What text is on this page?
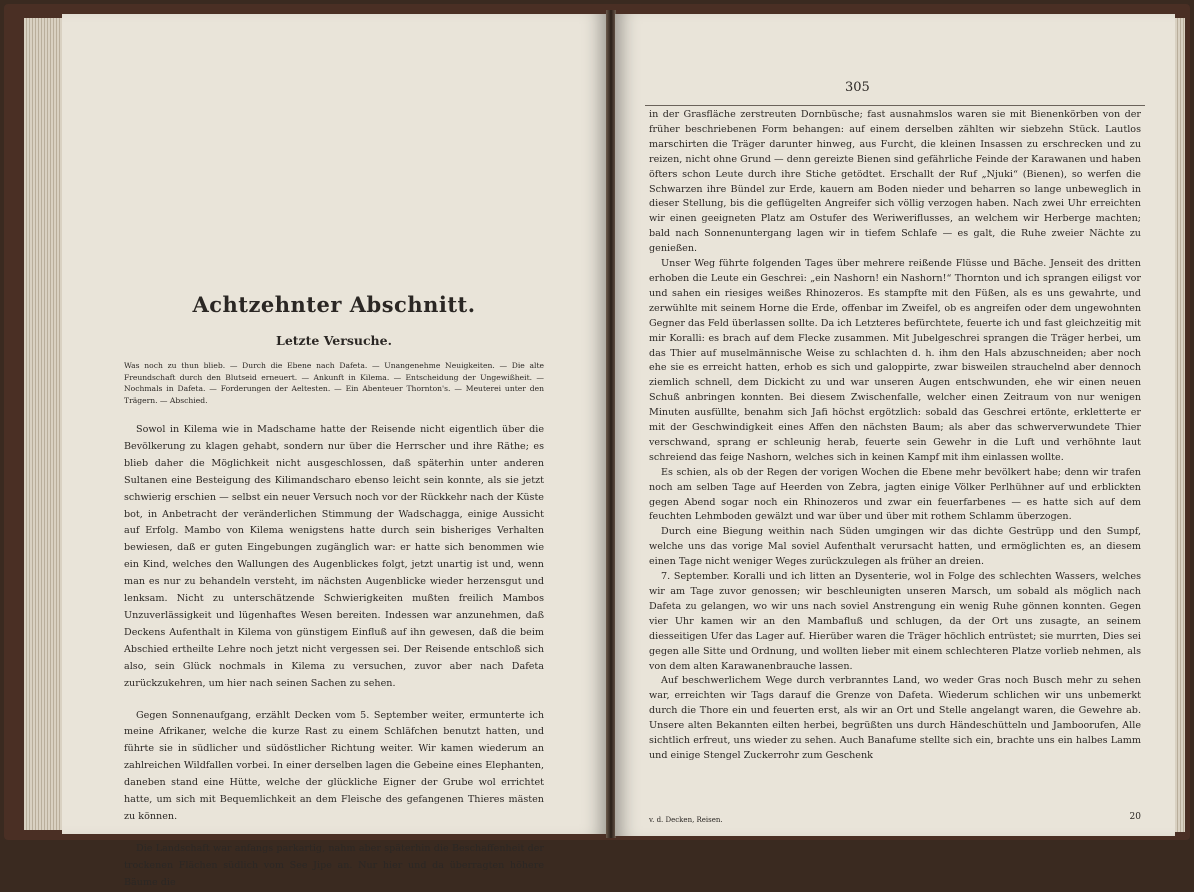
Achtzehnter Abschnitt.
Letzte Versuche.

Was noch zu thun blieb. — Durch die Ebene nach Dafeta. — Unangenehme Neuigkeiten. — Die alte Freundschaft durch den Blutseid erneuert. — Ankunft in Kilema. — Entscheidung der Ungewißheit. — Nochmals in Dafeta. — Forderungen der Aeltesten. — Ein Abenteuer Thornton's. — Meuterei unter den Trägern. — Abschied.

Sowol in Kilema wie in Madschame hatte der Reisende nicht eigentlich über die Bevölkerung zu klagen gehabt, sondern nur über die Herrscher und ihre Räthe; es blieb daher die Möglichkeit nicht ausgeschlossen, daß späterhin unter anderen Sultanen eine Besteigung des Kilimandscharo ebenso leicht sein konnte, als sie jetzt schwierig erschien — selbst ein neuer Versuch noch vor der Rückkehr nach der Küste bot, in Anbetracht der veränderlichen Stimmung der Wadschagga, einige Aussicht auf Erfolg. Mambo von Kilema wenigstens hatte durch sein bisheriges Verhalten bewiesen, daß er guten Eingebungen zugänglich war: er hatte sich benommen wie ein Kind, welches den Wallungen des Augenblickes folgt, jetzt unartig ist und, wenn man es nur zu behandeln versteht, im nächsten Augenblicke wieder herzensgut und lenksam. Nicht zu unterschätzende Schwierigkeiten mußten freilich Mambos Unzuverlässigkeit und lügenhaftes Wesen bereiten. Indessen war anzunehmen, daß Deckens Aufenthalt in Kilema von günstigem Einfluß auf ihn gewesen, daß die beim Abschied ertheilte Lehre noch jetzt nicht vergessen sei. Der Reisende entschloß sich also, sein Glück nochmals in Kilema zu versuchen, zuvor aber nach Dafeta zurückzukehren, um hier nach seinen Sachen zu sehen.

Gegen Sonnenaufgang, erzählt Decken vom 5. September weiter, ermunterte ich meine Afrikaner, welche die kurze Rast zu einem Schläfchen benutzt hatten, und führte sie in südlicher und südöstlicher Richtung weiter. Wir kamen wiederum an zahlreichen Wildfallen vorbei. In einer derselben lagen die Gebeine eines Elephanten, daneben stand eine Hütte, welche der glückliche Eigner der Grube wol errichtet hatte, um sich mit Bequemlichkeit an dem Fleische des gefangenen Thieres mästen zu können.

Die Landschaft war anfangs parkartig, nahm aber späterhin die Beschaffenheit der trockenen Flächen südlich vom See Jipe an. Nur hier und da überragten höhere Bäume die

305

in der Grasfläche zerstreuten Dornbüsche; fast ausnahmslos waren sie mit Bienenkörben von der früher beschriebenen Form behangen: auf einem derselben zählten wir siebzehn Stück. Lautlos marschirten die Träger darunter hinweg, aus Furcht, die kleinen Insassen zu erschrecken und zu reizen, nicht ohne Grund — denn gereizte Bienen sind gefährliche Feinde der Karawanen und haben öfters schon Leute durch ihre Stiche getödtet. Erschallt der Ruf „Njuki“ (Bienen), so werfen die Schwarzen ihre Bündel zur Erde, kauern am Boden nieder und beharren so lange unbeweglich in dieser Stellung, bis die geflügelten Angreifer sich völlig verzogen haben. Nach zwei Uhr erreichten wir einen geeigneten Platz am Ostufer des Weriweriflusses, an welchem wir Herberge machten; bald nach Sonnenuntergang lagen wir in tiefem Schlafe — es galt, die Ruhe zweier Nächte zu genießen.

Unser Weg führte folgenden Tages über mehrere reißende Flüsse und Bäche. Jenseit des dritten erhoben die Leute ein Geschrei: „ein Nashorn! ein Nashorn!“ Thornton und ich sprangen eiligst vor und sahen ein riesiges weißes Rhinozeros. Es stampfte mit den Füßen, als es uns gewahrte, und zerwühlte mit seinem Horne die Erde, offenbar im Zweifel, ob es angreifen oder dem ungewohnten Gegner das Feld überlassen sollte. Da ich Letzteres befürchtete, feuerte ich und fast gleichzeitig mit mir Koralli: es brach auf dem Flecke zusammen. Mit Jubelgeschrei sprangen die Träger herbei, um das Thier auf muselmännische Weise zu schlachten d. h. ihm den Hals abzuschneiden; aber noch ehe sie es erreicht hatten, erhob es sich und galoppirte, zwar bisweilen strauchelnd aber dennoch ziemlich schnell, dem Dickicht zu und war unseren Augen entschwunden, ehe wir einen neuen Schuß anbringen konnten. Bei diesem Zwischenfalle, welcher einen Zeitraum von nur wenigen Minuten ausfüllte, benahm sich Jafi höchst ergötzlich: sobald das Geschrei ertönte, erkletterte er mit der Geschwindigkeit eines Affen den nächsten Baum; als aber das schwerverwundete Thier verschwand, sprang er schleunig herab, feuerte sein Gewehr in die Luft und verhöhnte laut schreiend das feige Nashorn, welches sich in keinen Kampf mit ihm einlassen wollte.

Es schien, als ob der Regen der vorigen Wochen die Ebene mehr bevölkert habe; denn wir trafen noch am selben Tage auf Heerden von Zebra, jagten einige Völker Perlhühner auf und erblickten gegen Abend sogar noch ein Rhinozeros und zwar ein feuerfarbenes — es hatte sich auf dem feuchten Lehmboden gewälzt und war über und über mit rothem Schlamm überzogen.

Durch eine Biegung weithin nach Süden umgingen wir das dichte Gestrüpp und den Sumpf, welche uns das vorige Mal soviel Aufenthalt verursacht hatten, und ermöglichten es, an diesem einen Tage nicht weniger Weges zurückzulegen als früher an dreien.

7. September. Koralli und ich litten an Dysenterie, wol in Folge des schlechten Wassers, welches wir am Tage zuvor genossen; wir beschleunigten unseren Marsch, um sobald als möglich nach Dafeta zu gelangen, wo wir uns nach soviel Anstrengung ein wenig Ruhe gönnen konnten. Gegen vier Uhr kamen wir an den Mambafluß und schlugen, da der Ort uns zusagte, an seinem diesseitigen Ufer das Lager auf. Hierüber waren die Träger höchlich entrüstet; sie murrten, Dies sei gegen alle Sitte und Ordnung, und wollten lieber mit einem schlechteren Platze vorlieb nehmen, als von dem alten Karawanenbrauche lassen.

Auf beschwerlichem Wege durch verbranntes Land, wo weder Gras noch Busch mehr zu sehen war, erreichten wir Tags darauf die Grenze von Dafeta. Wiederum schlichen wir uns unbemerkt durch die Thore ein und feuerten erst, als wir an Ort und Stelle angelangt waren, die Gewehre ab. Unsere alten Bekannten eilten herbei, begrüßten uns durch Händeschütteln und Jamboorufen, Alle sichtlich erfreut, uns wieder zu sehen. Auch Banafume stellte sich ein, brachte uns ein halbes Lamm und einige Stengel Zuckerrohr zum Geschenk

v. d. Decken, Reisen.	20
